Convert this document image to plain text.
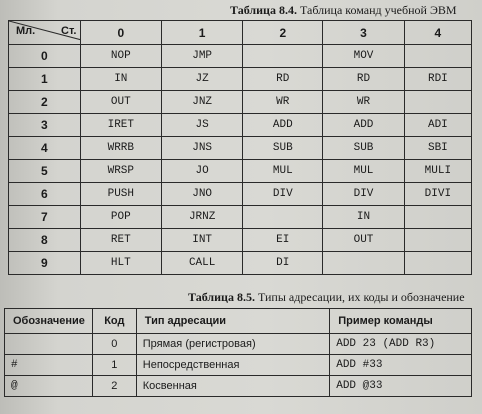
Таблица 8.4. Таблица команд учебной ЭВМ
Мл. Ст.	0	1	2	3	4
0	NOP	JMP		MOV	
1	IN	JZ	RD	RD	RDI
2	OUT	JNZ	WR	WR	
3	IRET	JS	ADD	ADD	ADI
4	WRRB	JNS	SUB	SUB	SBI
5	WRSP	JO	MUL	MUL	MULI
6	PUSH	JNO	DIV	DIV	DIVI
7	POP	JRNZ		IN	
8	RET	INT	EI	OUT	
9	HLT	CALL	DI		
Таблица 8.5. Типы адресации, их коды и обозначение
Обозначение	Код	Тип адресации	Пример команды
	0	Прямая (регистровая)	ADD 23 (ADD R3)
#	1	Непосредственная	ADD #33
@	2	Косвенная	ADD @33
